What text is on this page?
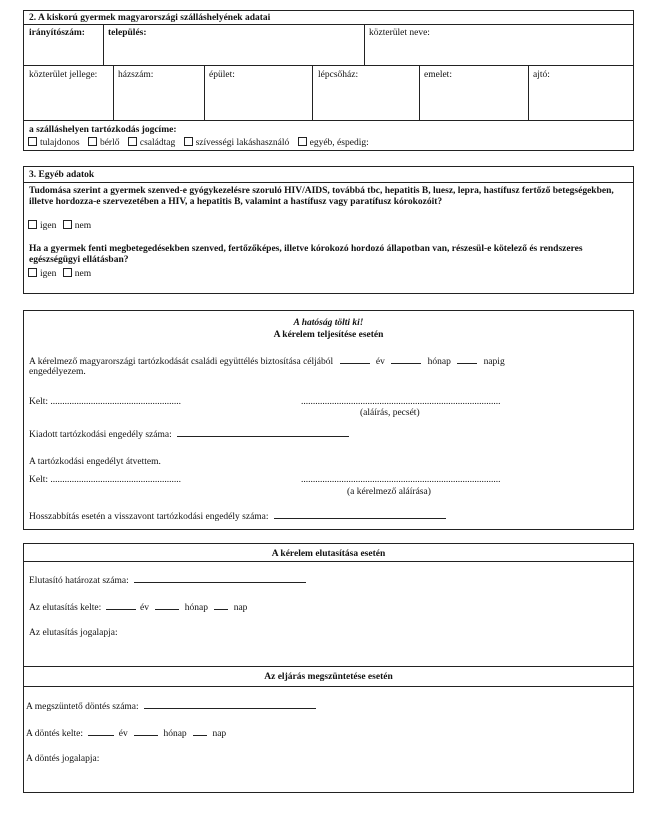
2. A kiskorú gyermek magyarországi szálláshelyének adatai
irányítószám: település:	közterület neve:
közterület jellege:	házszám:	épület:	lépcsőház:	emelet:	ajtó:
a szálláshelyen tartózkodás jogcíme:
tulajdonos bérlő családtag szívességi lakáshasználó egyéb, éspedig:
3. Egyéb adatok
Tudomása szerint a gyermek szenved-e gyógykezelésre szoruló HIV/AIDS, továbbá tbc, hepatitis B, luesz, lepra, hastífusz fertőző betegségekben, illetve hordozza-e szervezetében a HIV, a hepatitis B, valamint a hastífusz vagy paratífusz kórokozóit?
igen nem
Ha a gyermek fenti megbetegedésekben szenved, fertőzőképes, illetve kórokozó hordozó állapotban van, részesül-e kötelező és rendszeres egészségügyi ellátásban?
igen nem
A hatóság tölti ki!
A kérelem teljesítése esetén
A kérelmező magyarországi tartózkodását családi együttélés biztosítása céljából	év	hónap	napig
engedélyezem.
Kelt: .......................................................	....................................................................................
(aláírás, pecsét)
Kiadott tartózkodási engedély száma:
A tartózkodási engedélyt átvettem.
Kelt: .......................................................	....................................................................................
(a kérelmező aláírása)
Hosszabbítás esetén a visszavont tartózkodási engedély száma:
A kérelem elutasítása esetén
Elutasító határozat száma:
Az elutasítás kelte:	év	hónap	nap
Az elutasítás jogalapja:
Az eljárás megszüntetése esetén
A megszüntető döntés száma:
A döntés kelte:	év	hónap	nap
A döntés jogalapja:
